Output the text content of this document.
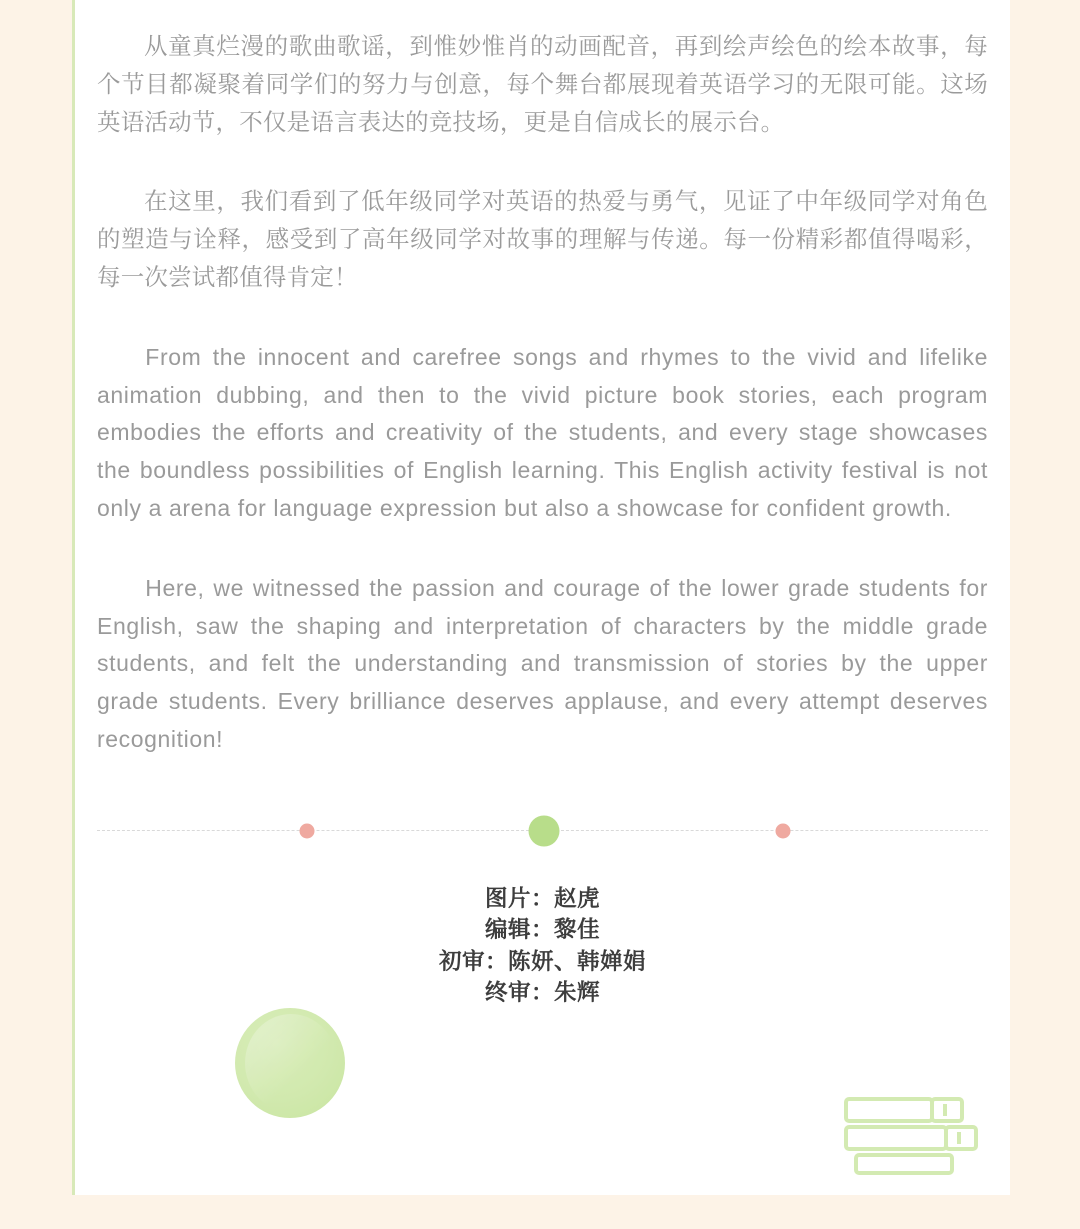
从童真烂漫的歌曲歌谣，到惟妙惟肖的动画配音，再到绘声绘色的绘本故事，每个节目都凝聚着同学们的努力与创意，每个舞台都展现着英语学习的无限可能。这场英语活动节，不仅是语言表达的竞技场，更是自信成长的展示台。

在这里，我们看到了低年级同学对英语的热爱与勇气，见证了中年级同学对角色的塑造与诠释，感受到了高年级同学对故事的理解与传递。每一份精彩都值得喝彩，每一次尝试都值得肯定！

From the innocent and carefree songs and rhymes to the vivid and lifelike animation dubbing, and then to the vivid picture book stories, each program embodies the efforts and creativity of the students, and every stage showcases the boundless possibilities of English learning. This English activity festival is not only a arena for language expression but also a showcase for confident growth.

Here, we witnessed the passion and courage of the lower grade students for English, saw the shaping and interpretation of characters by the middle grade students, and felt the understanding and transmission of stories by the upper grade students. Every brilliance deserves applause, and every attempt deserves recognition!

图片：赵虎
编辑：黎佳
初审：陈妍、韩婵娟
终审：朱辉
